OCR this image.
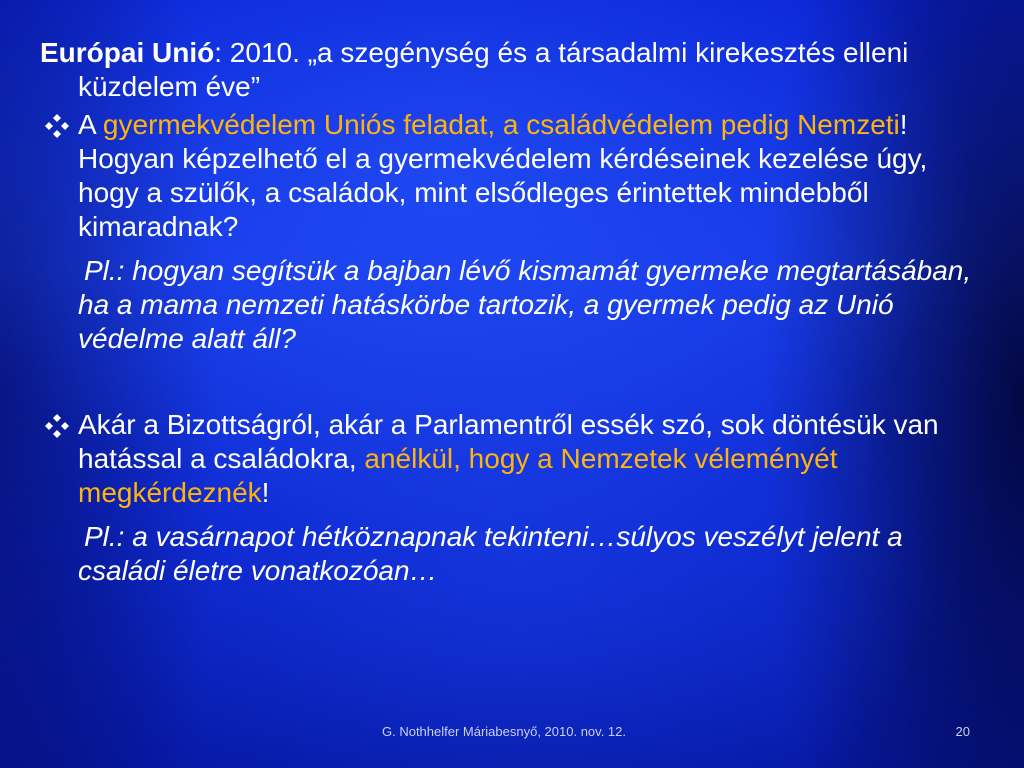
Európai Unió: 2010. „a szegénység és a társadalmi kirekesztés elleni küzdelem éve”
A gyermekvédelem Uniós feladat, a családvédelem pedig Nemzeti! Hogyan képzelhető el a gyermekvédelem kérdéseinek kezelése úgy, hogy a szülők, a családok, mint elsődleges érintettek mindebből kimaradnak?
Pl.: hogyan segítsük a bajban lévő kismamát gyermeke megtartásában, ha a mama nemzeti hatáskörbe tartozik, a gyermek pedig az Unió védelme alatt áll?
Akár a Bizottságról, akár a Parlamentről essék szó, sok döntésük van hatással a családokra, anélkül, hogy a Nemzetek véleményét megkérdeznék!
Pl.: a vasárnapot hétköznapnak tekinteni…súlyos veszélyt jelent a családi életre vonatkozóan…
G. Nothhelfer Máriabesnyő, 2010. nov. 12.	20
